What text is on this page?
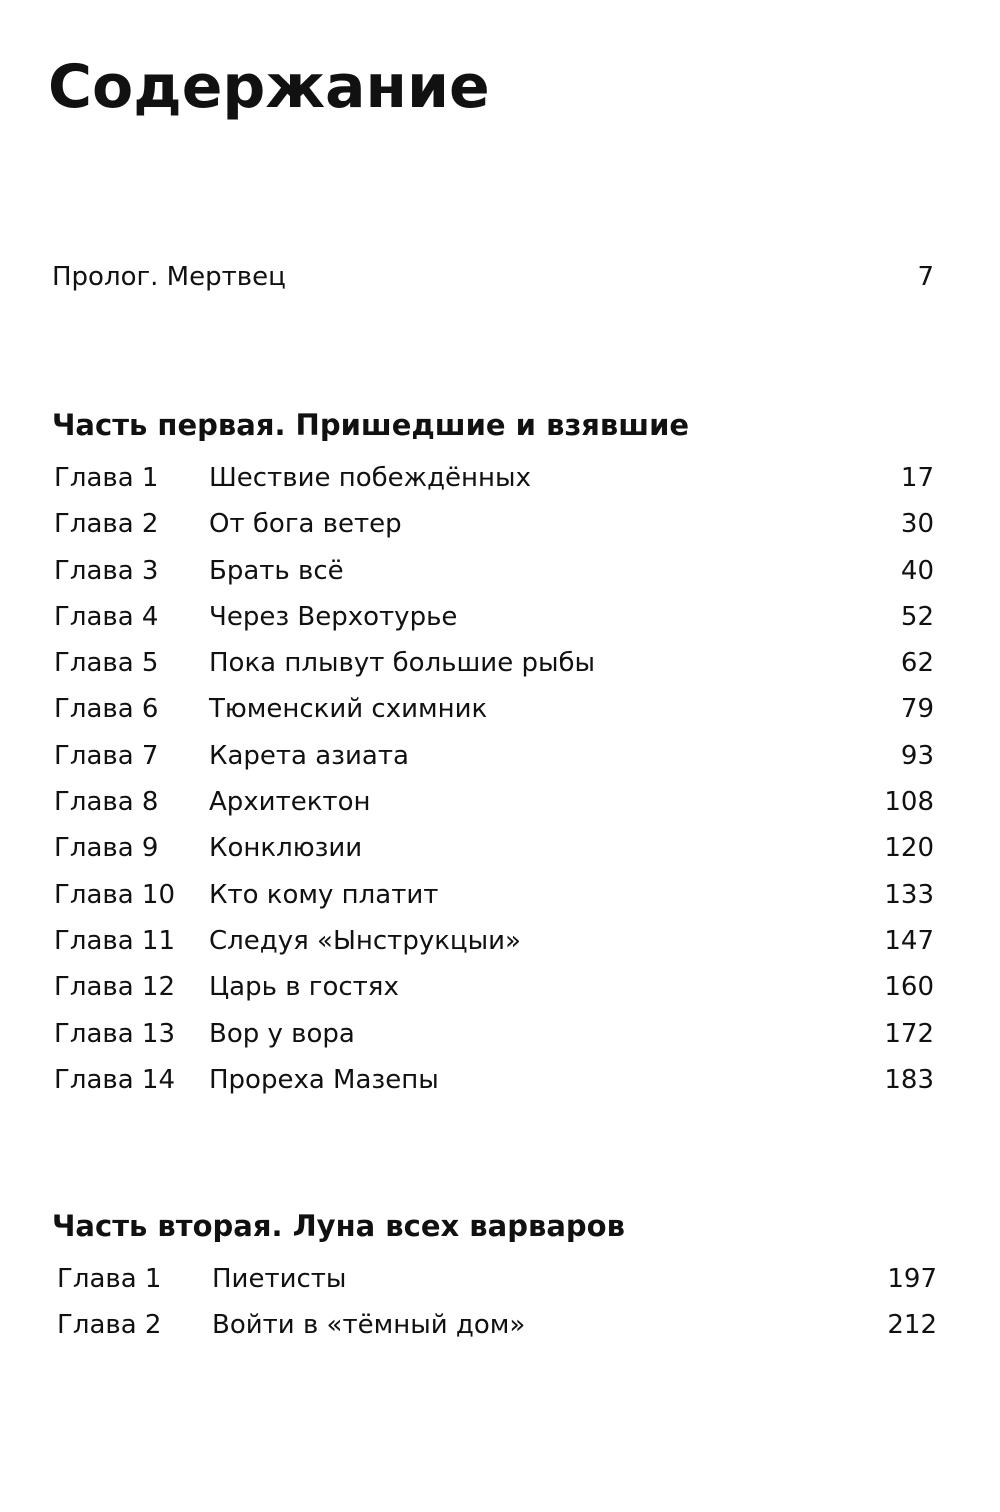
Содержание
Пролог. Мертвец	7
Часть первая. Пришедшие и взявшие
Глава 1 Шествие побеждённых	17
Глава 2 От бога ветер	30
Глава 3 Брать всё	40
Глава 4 Через Верхотурье	52
Глава 5 Пока плывут большие рыбы	62
Глава 6 Тюменский схимник	79
Глава 7 Карета азиата	93
Глава 8 Архитектон	108
Глава 9 Конклюзии	120
Глава 10 Кто кому платит	133
Глава 11 Следуя «Ынструкцыи»	147
Глава 12 Царь в гостях	160
Глава 13 Вор у вора	172
Глава 14 Прореха Мазепы	183
Часть вторая. Луна всех варваров
Глава 1 Пиетисты	197
Глава 2 Войти в «тёмный дом»	212
